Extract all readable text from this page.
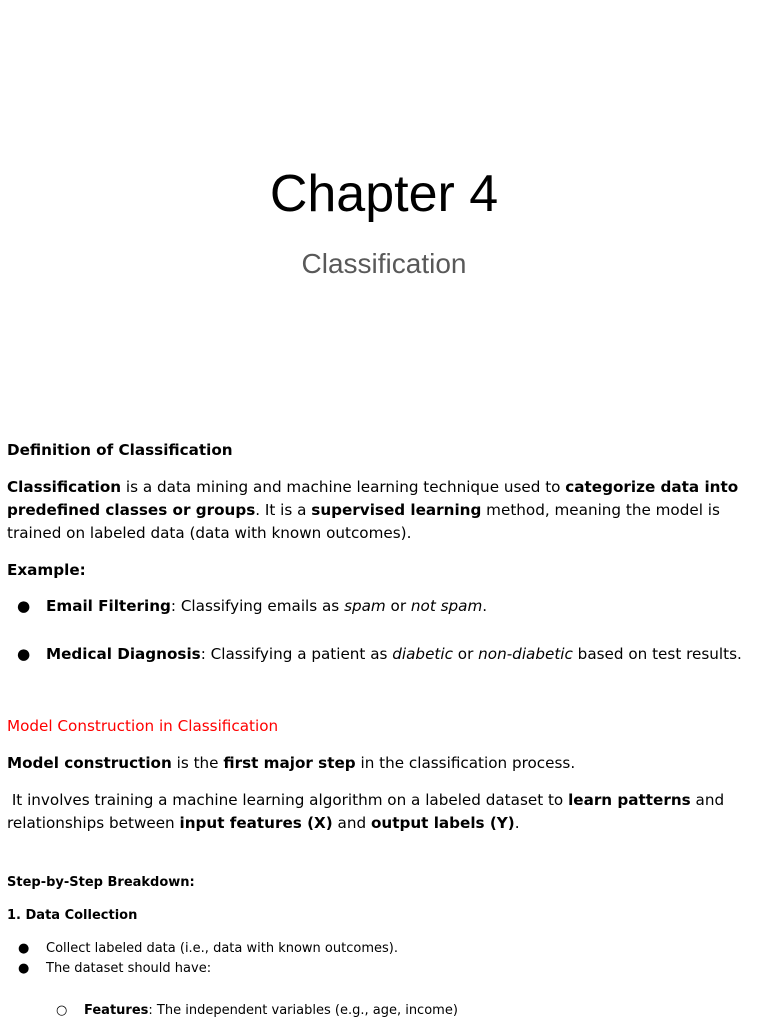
Chapter 4
Classification
Definition of Classification
Classification is a data mining and machine learning technique used to categorize data into predefined classes or groups. It is a supervised learning method, meaning the model is trained on labeled data (data with known outcomes).
Example:
● Email Filtering: Classifying emails as spam or not spam.
● Medical Diagnosis: Classifying a patient as diabetic or non-diabetic based on test results.
Model Construction in Classification
Model construction is the first major step in the classification process.
It involves training a machine learning algorithm on a labeled dataset to learn patterns and relationships between input features (X) and output labels (Y).
Step-by-Step Breakdown:
1. Data Collection
● Collect labeled data (i.e., data with known outcomes).
● The dataset should have:
○ Features: The independent variables (e.g., age, income)
